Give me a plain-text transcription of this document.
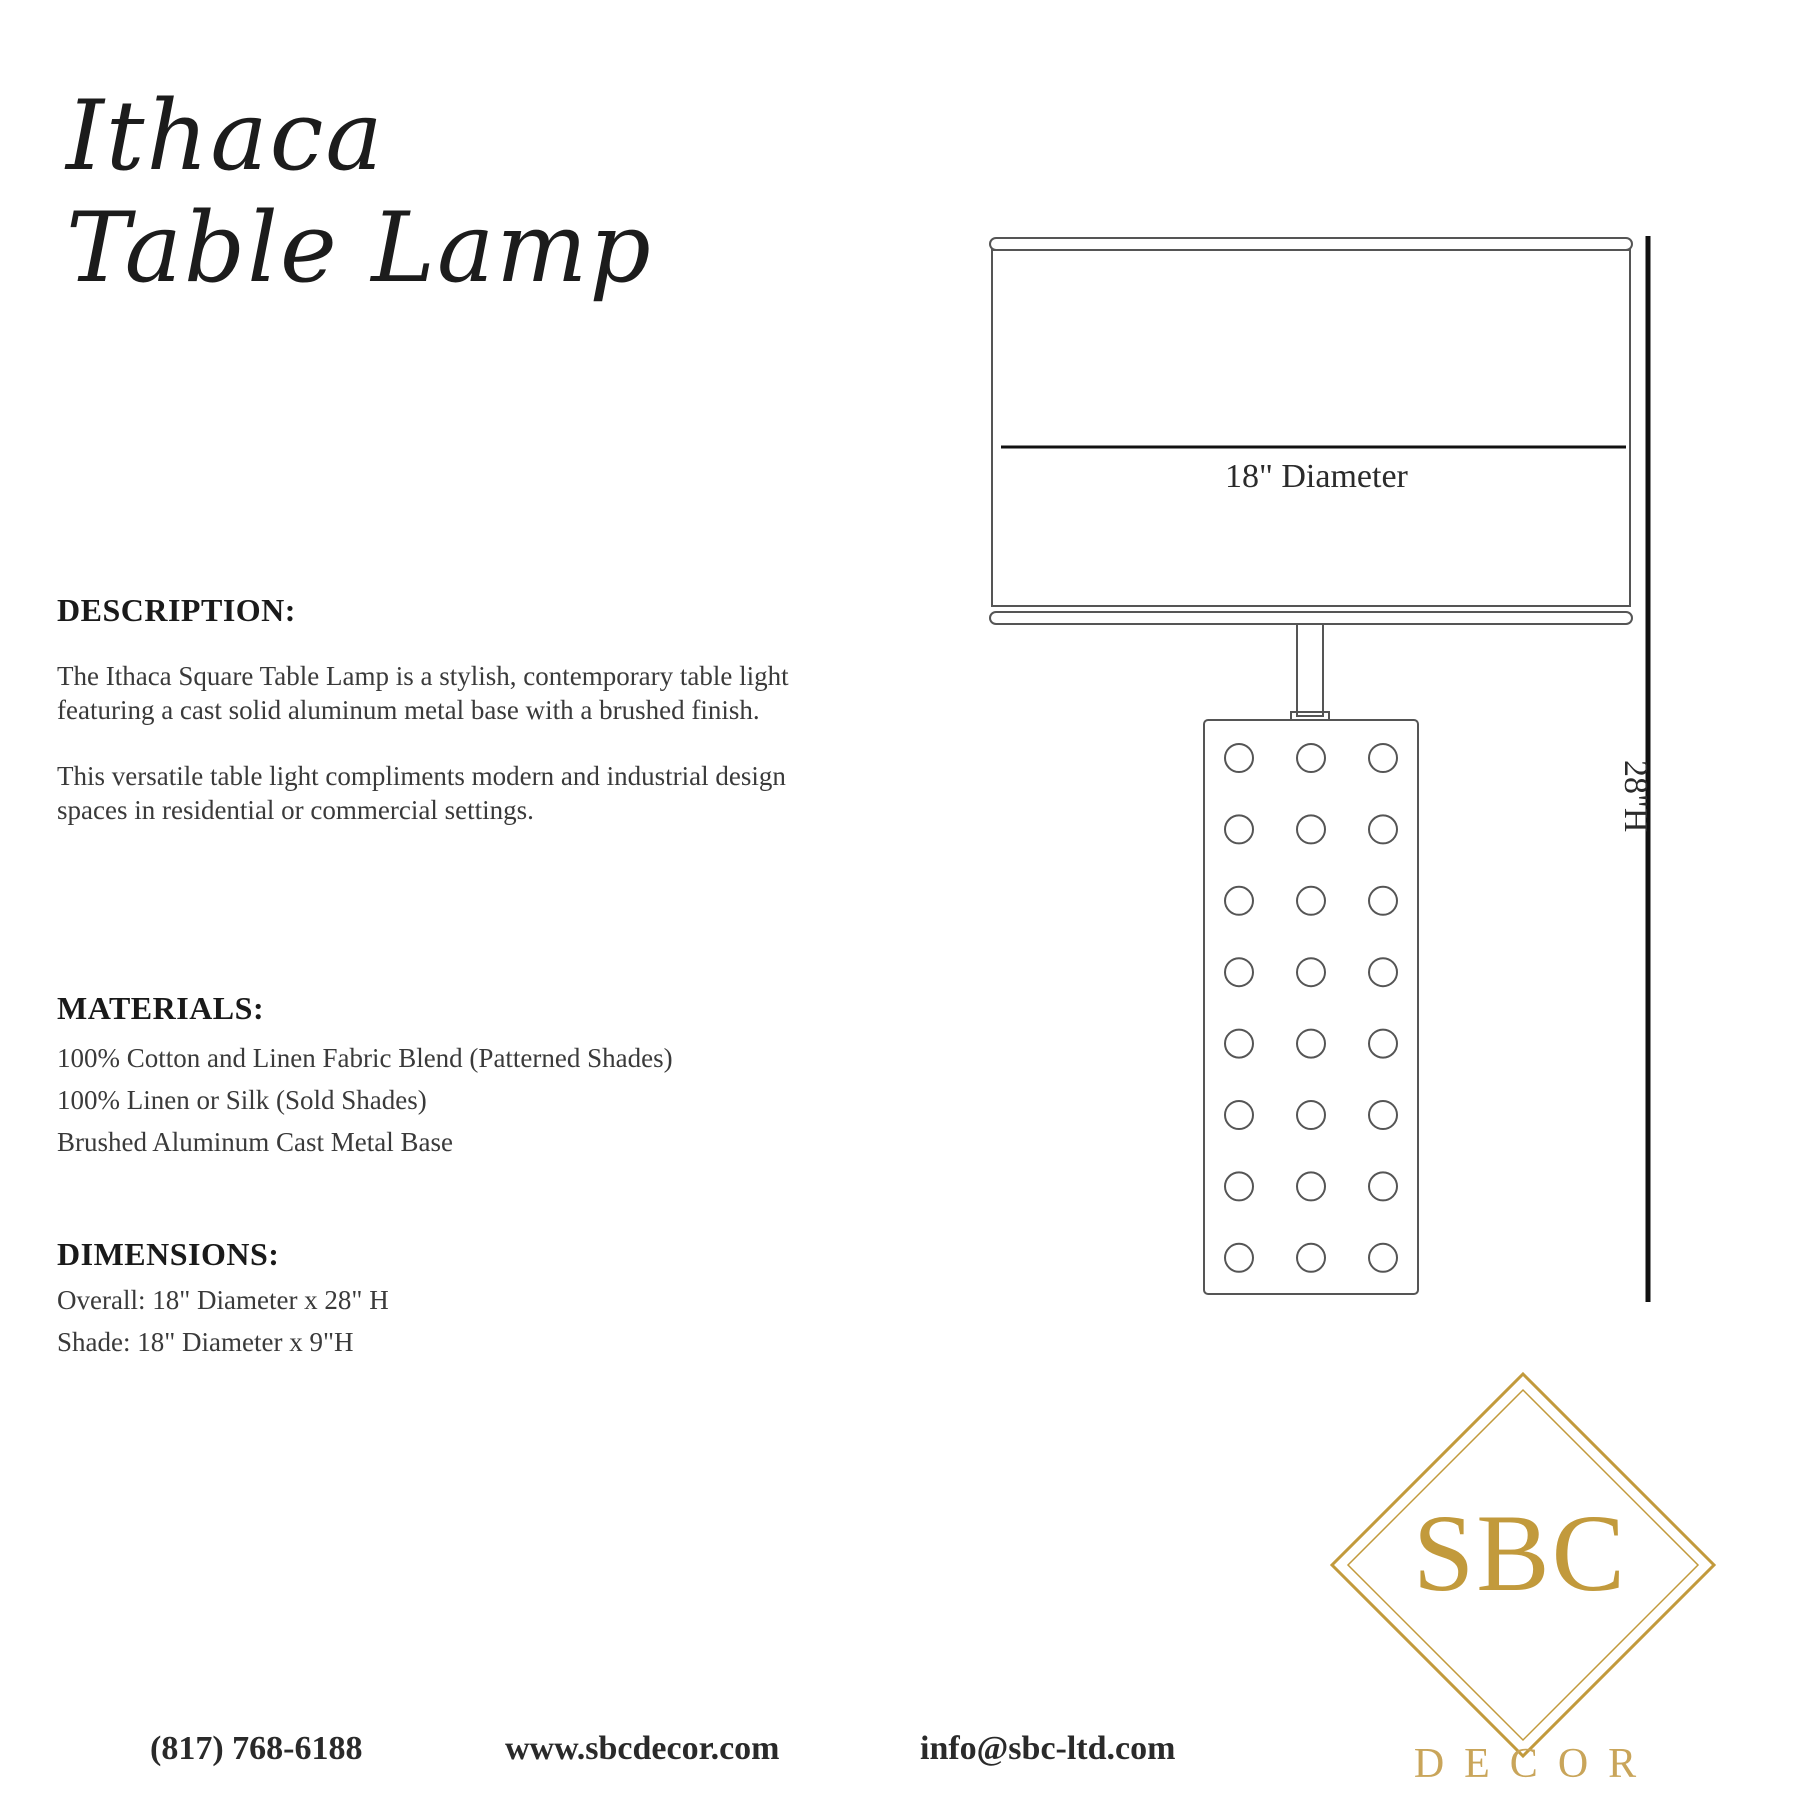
Ithaca
Table Lamp
DESCRIPTION:

The Ithaca Square Table Lamp is a stylish, contemporary table light featuring a cast solid aluminum metal base with a brushed finish.

This versatile table light compliments modern and industrial design spaces in residential or commercial settings.

MATERIALS:

100% Cotton and Linen Fabric Blend (Patterned Shades)

100% Linen or Silk (Sold Shades)

Brushed Aluminum Cast Metal Base

DIMENSIONS:

Overall: 18" Diameter x 28" H

Shade: 18" Diameter x 9"H

18" Diameter
28"H
SBC
DECOR
(817) 768-6188	www.sbcdecor.com	info@sbc-ltd.com
